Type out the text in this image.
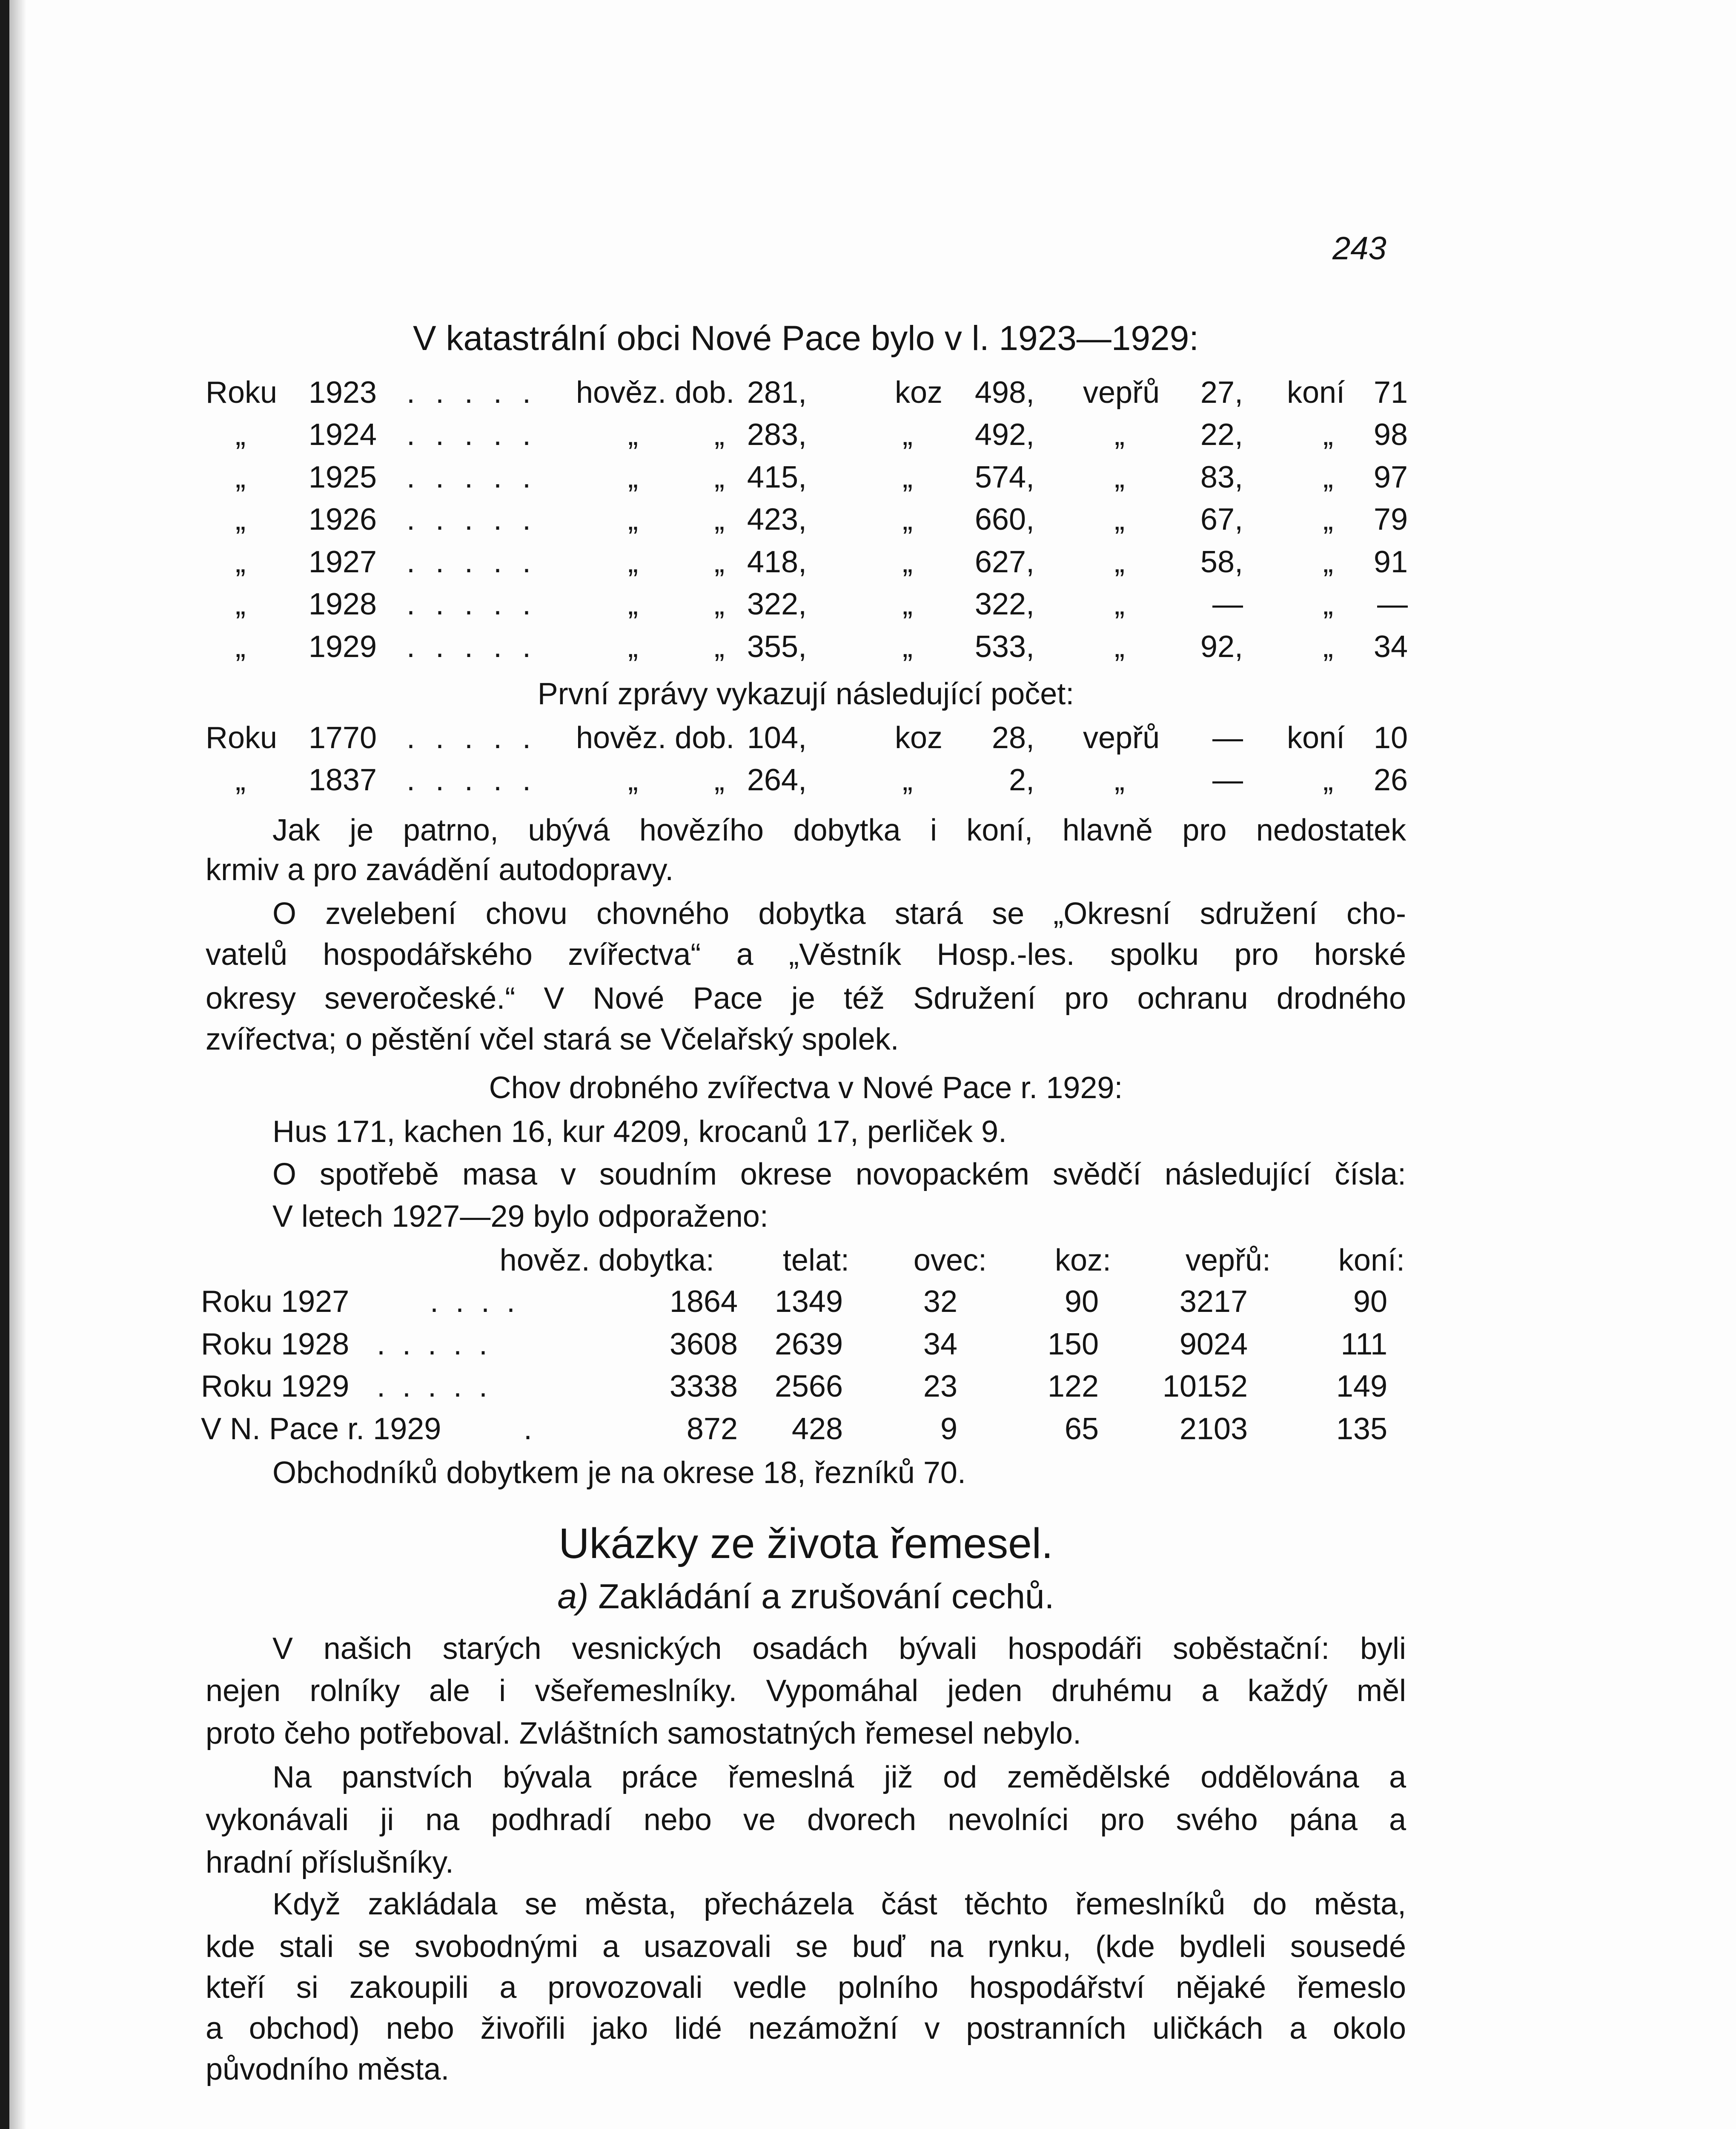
243
V katastrální obci Nové Pace bylo v l. 1923—1929:
Roku	1923 . . . . . hověz. dob. 281,	koz	498, vepřů	27, koní 71
„	1924 . . . . .	„ „ 283,	„	492,	„	22,	„	98
„	1925 . . . . .	„ „ 415,	„	574,	„	83,	„	97
„	1926 . . . . .	„ „ 423,	„	660,	„	67,	„	79
„	1927 . . . . .	„ „ 418,	„	627,	„	58,	„	91
„	1928 . . . . .	„ „ 322,	„	322,	„	—	„	—
„	1929 . . . . .	„ „ 355,	„	533,	„	92,	„	34
První zprávy vykazují následující počet:
Roku	1770 . . . . . hověz. dob. 104,	koz	28, vepřů	— koní 10
„	1837 . . . . .	„ „ 264,	„	2,	„	—	„	26
Jak je patrno, ubývá hovězího dobytka i koní, hlavně pro nedostatek
krmiv a pro zavádění autodopravy.
O zvelebení chovu chovného dobytka stará se „Okresní sdružení cho-
vatelů hospodářského zvířectva“ a „Věstník Hosp.-les. spolku pro horské
okresy severočeské.“ V Nové Pace je též Sdružení pro ochranu drodného
zvířectva; o pěstění včel stará se Včelařský spolek.
Chov drobného zvířectva v Nové Pace r. 1929:
Hus 171, kachen 16, kur 4209, krocanů 17, perliček 9.
O spotřebě masa v soudním okrese novopackém svědčí následující čísla:
V letech 1927—29 bylo odporaženo:
Obchodníků dobytkem je na okrese 18, řezníků 70.
Ukázky ze života řemesel.
a) Zakládání a zrušování cechů.
V našich starých vesnických osadách bývali hospodáři soběstační: byli
nejen rolníky ale i všeřemeslníky. Vypomáhal jeden druhému a každý měl
proto čeho potřeboval. Zvláštních samostatných řemesel nebylo.
Na panstvích bývala práce řemeslná již od zemědělské oddělována a
vykonávali ji na podhradí nebo ve dvorech nevolníci pro svého pána a
hradní příslušníky.
Když zakládala se města, přecházela část těchto řemeslníků do města,
kde stali se svobodnými a usazovali se buď na rynku, (kde bydleli sousedé
kteří si zakoupili a provozovali vedle polního hospodářství nějaké řemeslo
a obchod) nebo živořili jako lidé nezámožní v postranních uličkách a okolo
původního města.
hověz. dobytka:	telat:	ovec:	koz:	vepřů:	koní:
Roku 1927	. . . .	1864	1349	32	90	3217	90
Roku 1928 . . . . .	3608	2639	34	150	9024	111
Roku 1929 . . . . .	3338	2566	23	122	10152	149
V N. Pace r. 1929	.	872	428	9	65	2103	135
